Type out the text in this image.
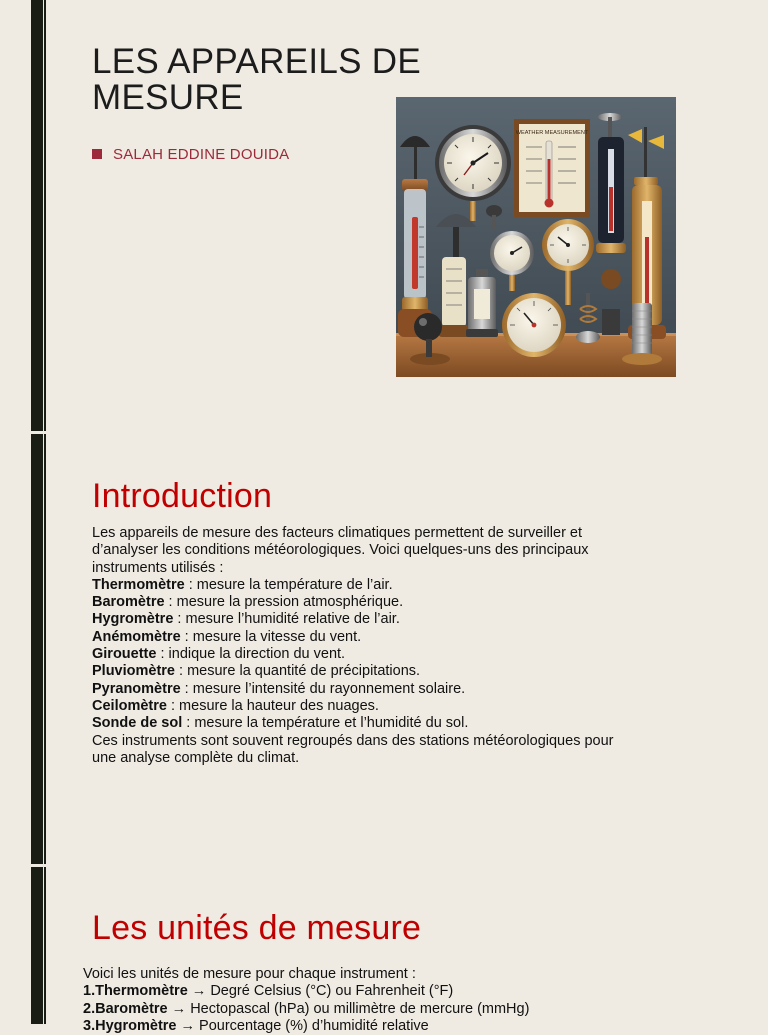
LES APPAREILS DE
MESURE
SALAH EDDINE DOUIDA
WEATHER MEASUREMENT
Introduction
Les appareils de mesure des facteurs climatiques permettent de surveiller et
d’analyser les conditions météorologiques. Voici quelques-uns des principaux
instruments utilisés :
Thermomètre : mesure la température de l’air.
Baromètre : mesure la pression atmosphérique.
Hygromètre : mesure l’humidité relative de l’air.
Anémomètre : mesure la vitesse du vent.
Girouette : indique la direction du vent.
Pluviomètre : mesure la quantité de précipitations.
Pyranomètre : mesure l’intensité du rayonnement solaire.
Ceilomètre : mesure la hauteur des nuages.
Sonde de sol : mesure la température et l’humidité du sol.
Ces instruments sont souvent regroupés dans des stations météorologiques pour
une analyse complète du climat.
Les unités de mesure
Voici les unités de mesure pour chaque instrument :
1.Thermomètre → Degré Celsius (°C) ou Fahrenheit (°F)
2.Baromètre → Hectopascal (hPa) ou millimètre de mercure (mmHg)
3.Hygromètre → Pourcentage (%) d’humidité relative
